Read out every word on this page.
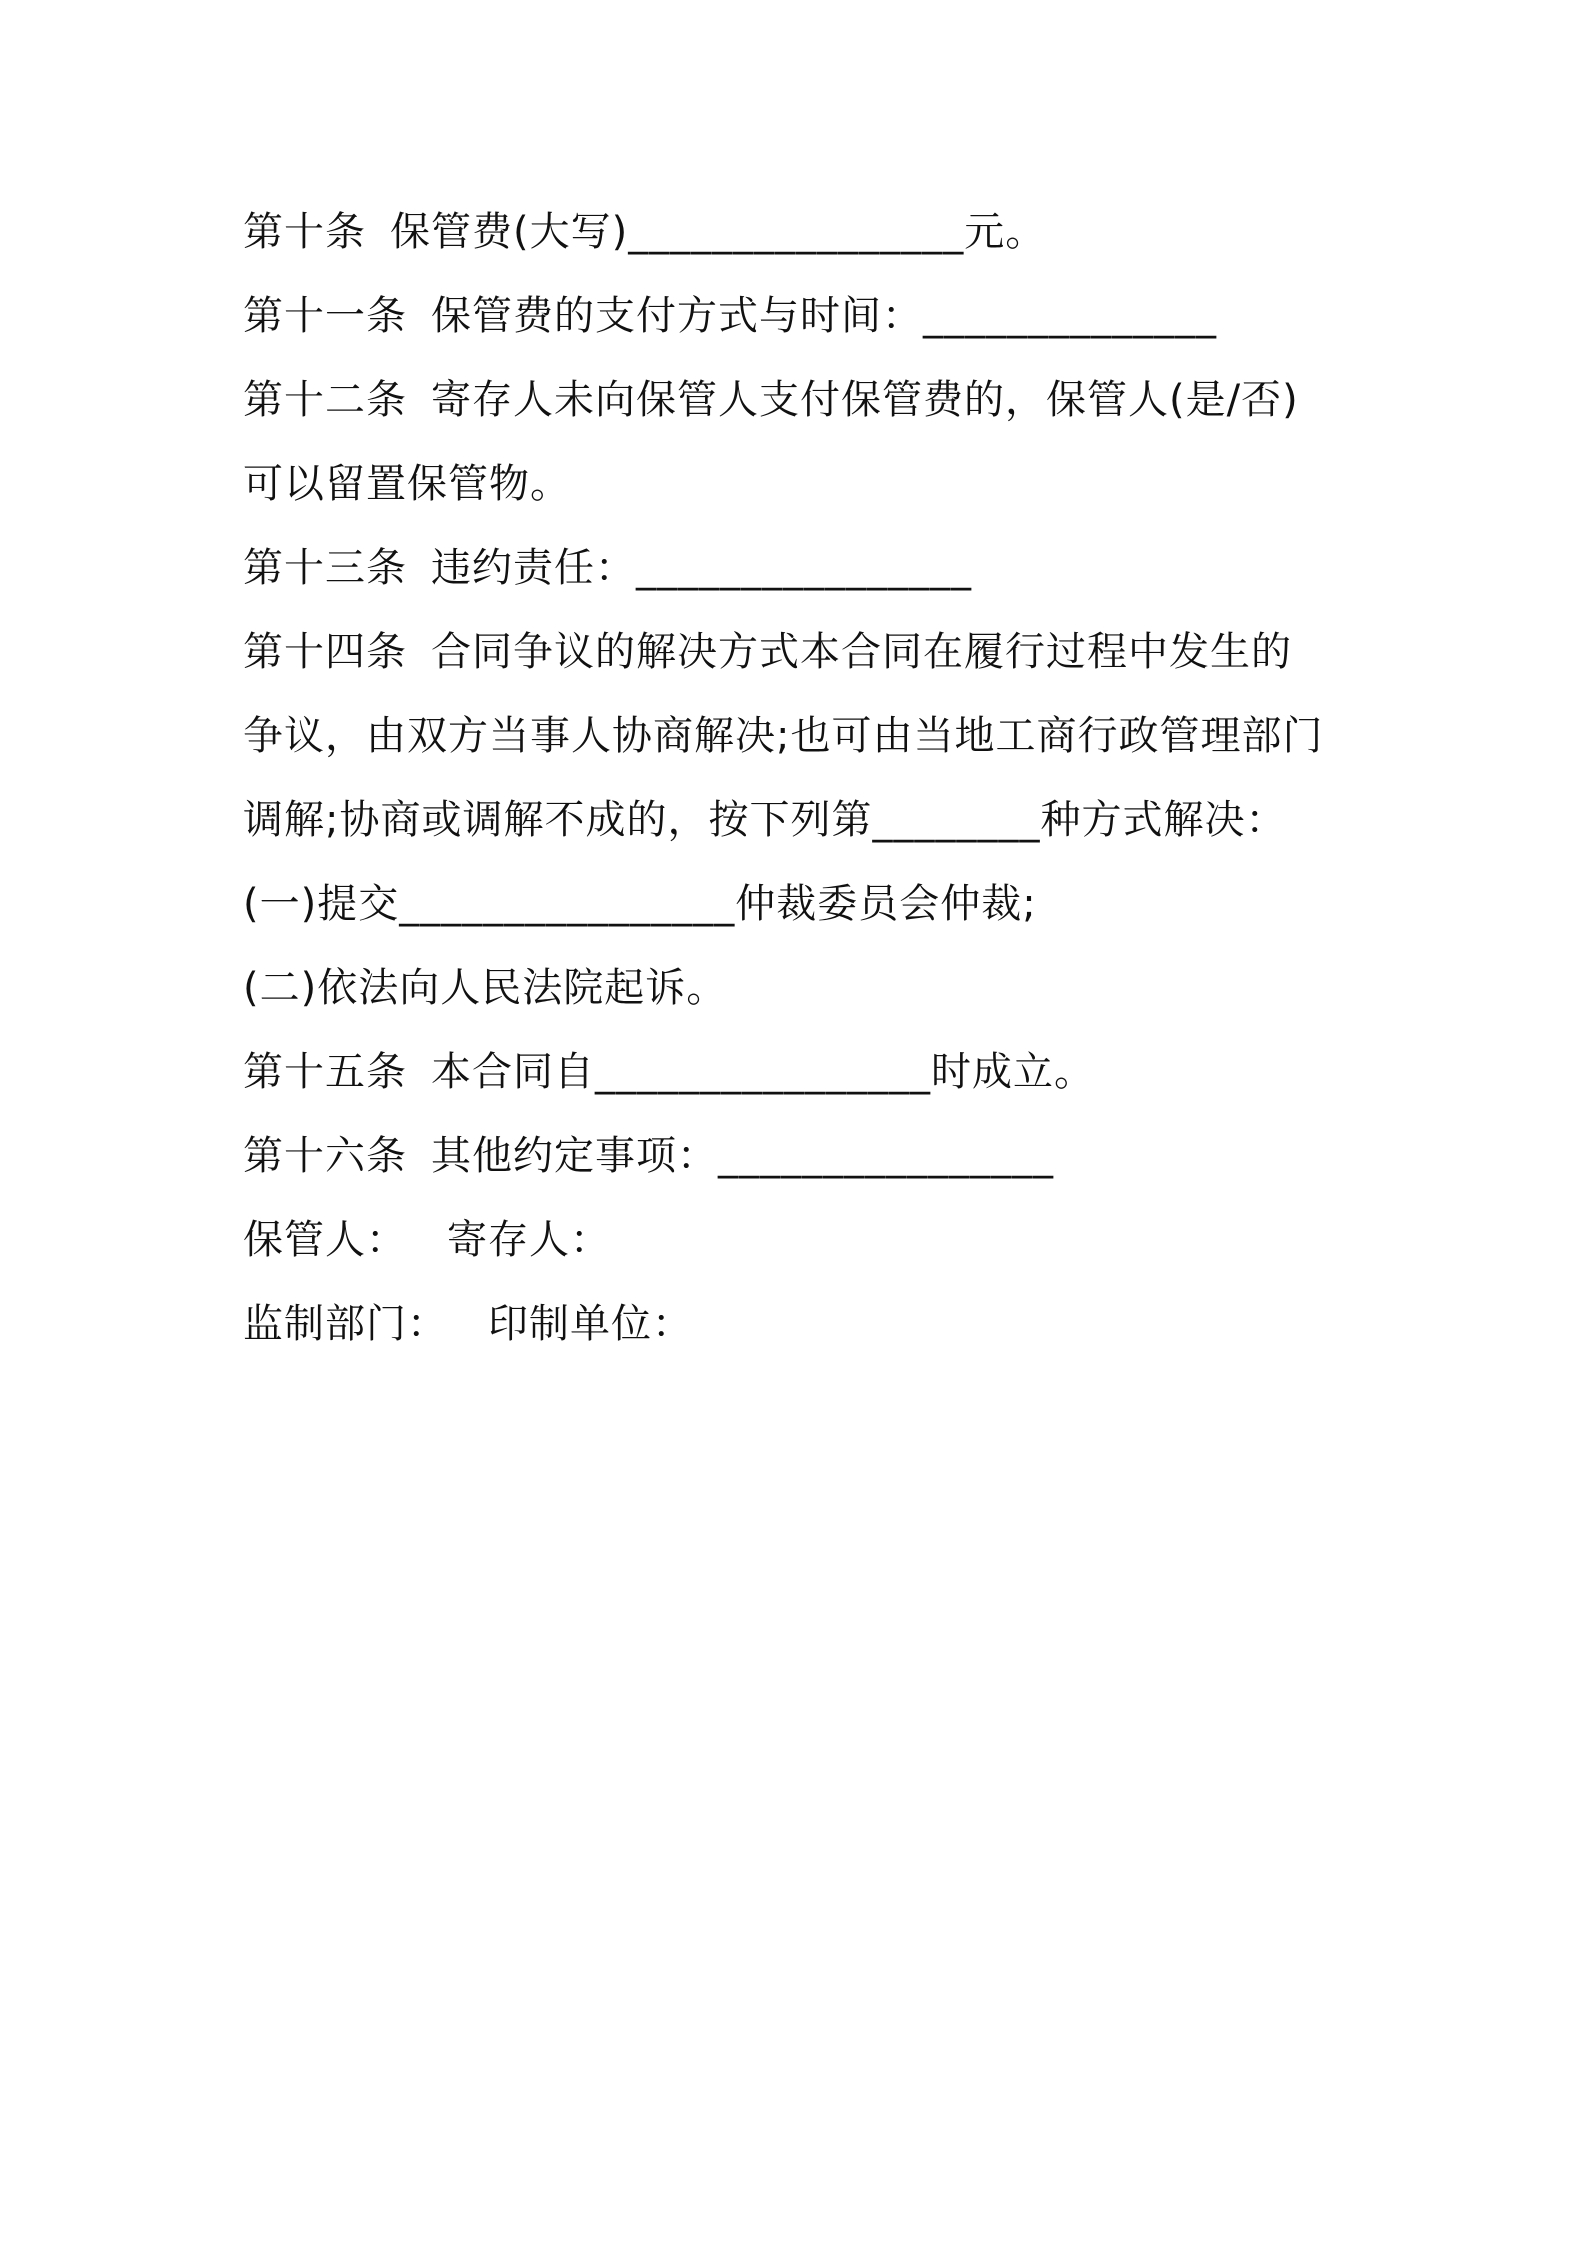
第十条 保管费(大写)________________元。
第十一条 保管费的支付方式与时间：______________
第十二条 寄存人未向保管人支付保管费的，保管人(是/否)
可以留置保管物。
第十三条 违约责任：________________
第十四条 合同争议的解决方式本合同在履行过程中发生的
争议，由双方当事人协商解决;也可由当地工商行政管理部门
调解;协商或调解不成的，按下列第________种方式解决：
(一)提交________________仲裁委员会仲裁;
(二)依法向人民法院起诉。
第十五条 本合同自________________时成立。
第十六条 其他约定事项：________________
保管人： 寄存人：
监制部门： 印制单位：
